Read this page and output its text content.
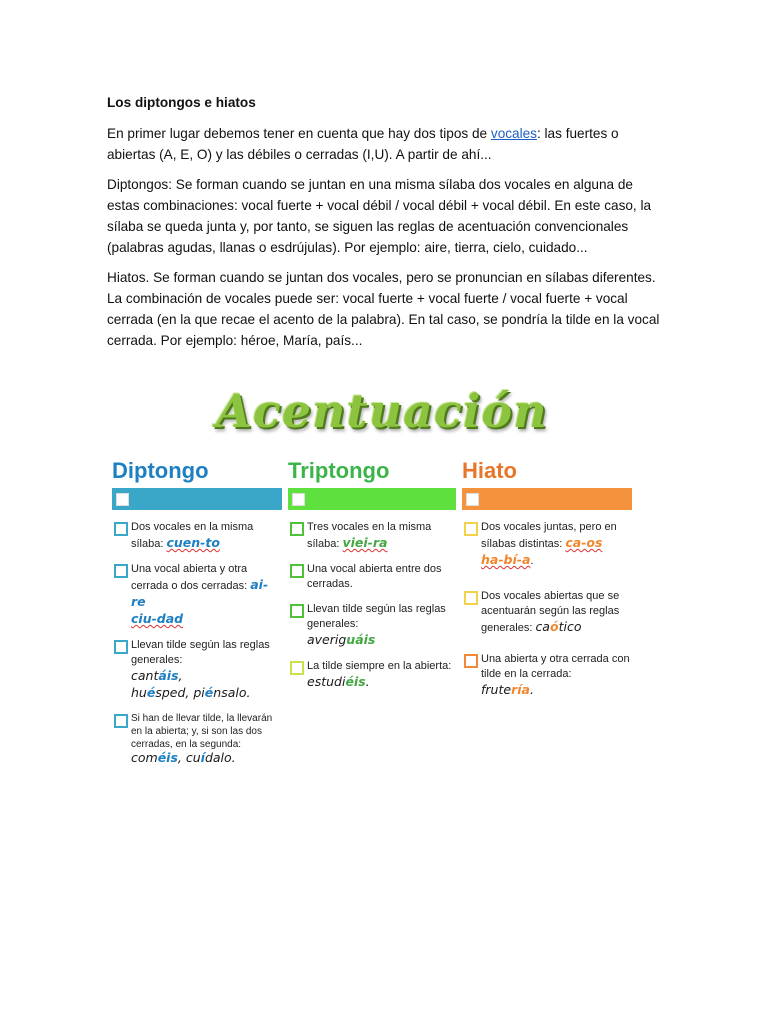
Los diptongos e hiatos

En primer lugar debemos tener en cuenta que hay dos tipos de vocales: las fuertes o abiertas (A, E, O) y las débiles o cerradas (I,U). A partir de ahí...

Diptongos: Se forman cuando se juntan en una misma sílaba dos vocales en alguna de estas combinaciones: vocal fuerte + vocal débil / vocal débil + vocal débil. En este caso, la sílaba se queda junta y, por tanto, se siguen las reglas de acentuación convencionales (palabras agudas, llanas o esdrújulas). Por ejemplo: aire, tierra, cielo, cuidado...

Hiatos. Se forman cuando se juntan dos vocales, pero se pronuncian en sílabas diferentes. La combinación de vocales puede ser: vocal fuerte + vocal fuerte / vocal fuerte + vocal cerrada (en la que recae el acento de la palabra). En tal caso, se pondría la tilde en la vocal cerrada. Por ejemplo: héroe, María, país...

Acentuación
Diptongo
Dos vocales en la misma sílaba: cuen-to
Una vocal abierta y otra cerrada o dos cerradas: ai-re
ciu-dad
Llevan tilde según las reglas generales:
cantáis,
huésped, piénsalo.
Si han de llevar tilde, la llevarán en la abierta; y, si son las dos cerradas, en la segunda:
coméis, cuídalo.
Triptongo
Tres vocales en la misma sílaba: viei-ra
Una vocal abierta entre dos cerradas.
Llevan tilde según las reglas generales:
averiguáis
La tilde siempre en la abierta: estudiéis.
Hiato
Dos vocales juntas, pero en sílabas distintas: ca-os
ha-bí-a.
Dos vocales abiertas que se acentuarán según las reglas generales: caótico
Una abierta y otra cerrada con tilde en la cerrada:
frutería.
